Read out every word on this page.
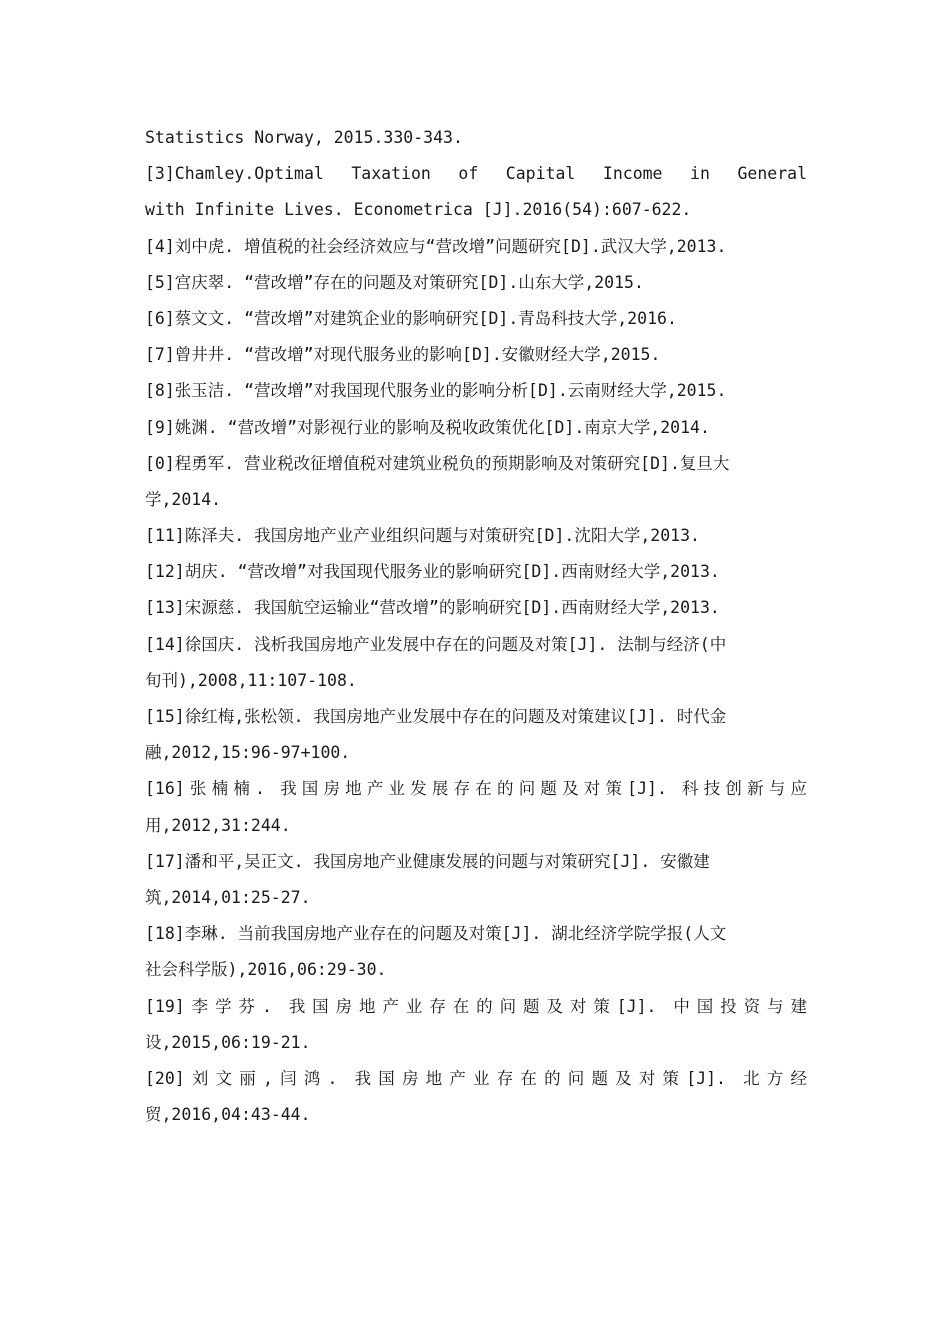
Statistics Norway, 2015.330-343.
[3]Chamley.Optimal Taxation of Capital Income in General
with Infinite Lives. Econometrica [J].2016(54):607-622.
[4]刘中虎. 增值税的社会经济效应与“营改增”问题研究[D].武汉大学,2013.
[5]宫庆翠. “营改增”存在的问题及对策研究[D].山东大学,2015.
[6]蔡文文. “营改增”对建筑企业的影响研究[D].青岛科技大学,2016.
[7]曾井井. “营改增”对现代服务业的影响[D].安徽财经大学,2015.
[8]张玉洁. “营改增”对我国现代服务业的影响分析[D].云南财经大学,2015.
[9]姚渊. “营改增”对影视行业的影响及税收政策优化[D].南京大学,2014.
[0]程勇军. 营业税改征增值税对建筑业税负的预期影响及对策研究[D].复旦大
学,2014.
[11]陈泽夫. 我国房地产业产业组织问题与对策研究[D].沈阳大学,2013.
[12]胡庆. “营改增”对我国现代服务业的影响研究[D].西南财经大学,2013.
[13]宋源慈. 我国航空运输业“营改增”的影响研究[D].西南财经大学,2013.
[14]徐国庆. 浅析我国房地产业发展中存在的问题及对策[J]. 法制与经济(中
旬刊),2008,11:107-108.
[15]徐红梅,张松领. 我国房地产业发展中存在的问题及对策建议[J]. 时代金
融,2012,15:96-97+100.
[16]张楠楠. 我国房地产业发展存在的问题及对策[J]. 科技创新与应
用,2012,31:244.
[17]潘和平,吴正文. 我国房地产业健康发展的问题与对策研究[J]. 安徽建
筑,2014,01:25-27.
[18]李琳. 当前我国房地产业存在的问题及对策[J]. 湖北经济学院学报(人文
社会科学版),2016,06:29-30.
[19]李学芬. 我国房地产业存在的问题及对策[J]. 中国投资与建
设,2015,06:19-21.
[20]刘文丽,闫鸿. 我国房地产业存在的问题及对策[J]. 北方经
贸,2016,04:43-44.
